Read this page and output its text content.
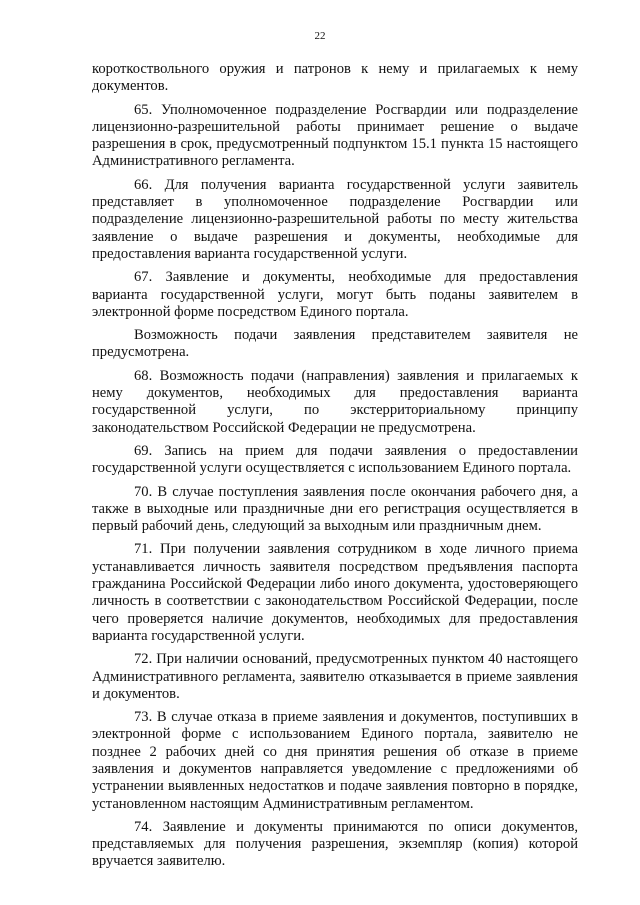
22

короткоствольного оружия и патронов к нему и прилагаемых к нему документов.

65. Уполномоченное подразделение Росгвардии или подразделение лицензионно-разрешительной работы принимает решение о выдаче разрешения в срок, предусмотренный подпунктом 15.1 пункта 15 настоящего Административного регламента.

66. Для получения варианта государственной услуги заявитель представляет в уполномоченное подразделение Росгвардии или подразделение лицензионно-разрешительной работы по месту жительства заявление о выдаче разрешения и документы, необходимые для предоставления варианта государственной услуги.

67. Заявление и документы, необходимые для предоставления варианта государственной услуги, могут быть поданы заявителем в электронной форме посредством Единого портала.

Возможность подачи заявления представителем заявителя не предусмотрена.

68. Возможность подачи (направления) заявления и прилагаемых к нему документов, необходимых для предоставления варианта государственной услуги, по экстерриториальному принципу законодательством Российской Федерации не предусмотрена.

69. Запись на прием для подачи заявления о предоставлении государственной услуги осуществляется с использованием Единого портала.

70. В случае поступления заявления после окончания рабочего дня, а также в выходные или праздничные дни его регистрация осуществляется в первый рабочий день, следующий за выходным или праздничным днем.

71. При получении заявления сотрудником в ходе личного приема устанавливается личность заявителя посредством предъявления паспорта гражданина Российской Федерации либо иного документа, удостоверяющего личность в соответствии с законодательством Российской Федерации, после чего проверяется наличие документов, необходимых для предоставления варианта государственной услуги.

72. При наличии оснований, предусмотренных пунктом 40 настоящего Административного регламента, заявителю отказывается в приеме заявления и документов.

73. В случае отказа в приеме заявления и документов, поступивших в электронной форме с использованием Единого портала, заявителю не позднее 2 рабочих дней со дня принятия решения об отказе в приеме заявления и документов направляется уведомление с предложениями об устранении выявленных недостатков и подаче заявления повторно в порядке, установленном настоящим Административным регламентом.

74. Заявление и документы принимаются по описи документов, представляемых для получения разрешения, экземпляр (копия) которой вручается заявителю.
